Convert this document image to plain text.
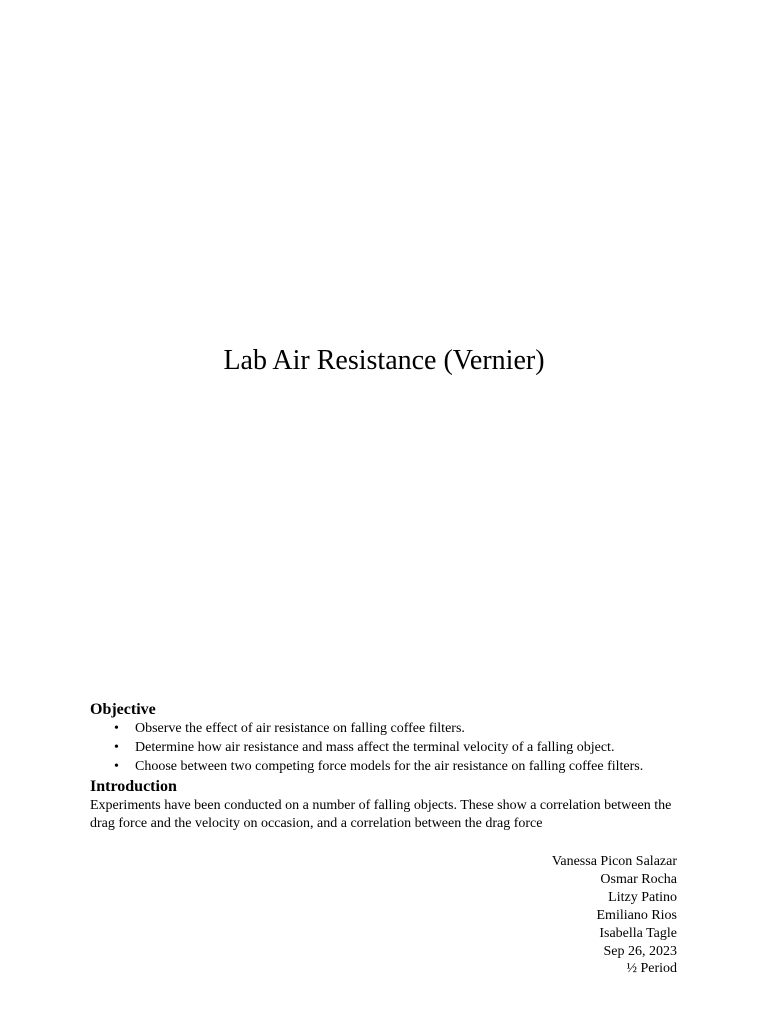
Lab Air Resistance (Vernier)
Objective
• Observe the effect of air resistance on falling coffee filters.
• Determine how air resistance and mass affect the terminal velocity of a falling object.
• Choose between two competing force models for the air resistance on falling coffee filters.
Introduction

Experiments have been conducted on a number of falling objects. These show a correlation between the drag force and the velocity on occasion, and a correlation between the drag force

Vanessa Picon Salazar
Osmar Rocha
Litzy Patino
Emiliano Rios
Isabella Tagle
Sep 26, 2023
½ Period
